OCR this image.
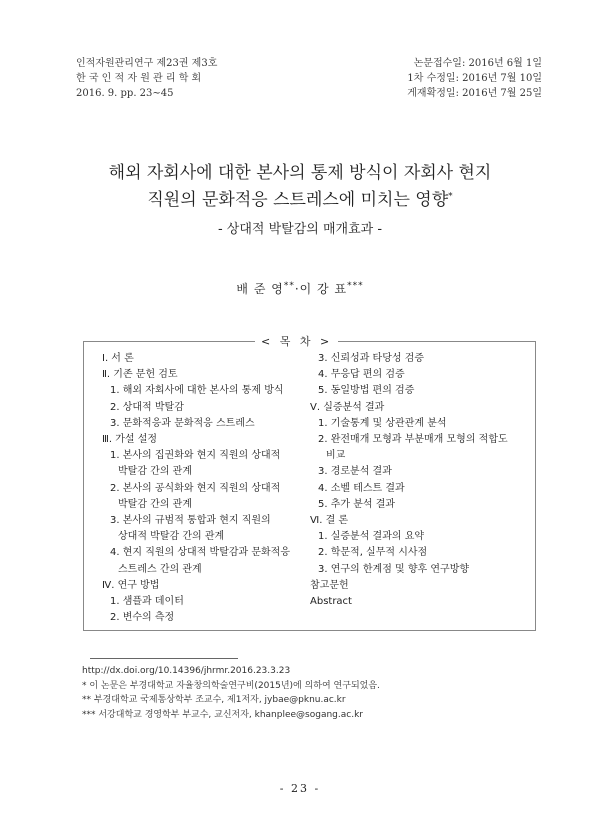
인적자원관리연구 제23권 제3호
한 국 인 적 자 원 관 리 학 회
2016. 9. pp. 23∼45
논문접수일: 2016년 6월 1일
1차 수정일: 2016년 7월 10일
게재확정일: 2016년 7월 25일
해외 자회사에 대한 본사의 통제 방식이 자회사 현지
직원의 문화적응 스트레스에 미치는 영향*
- 상대적 박탈감의 매개효과 -
배 준 영**·이 강 표***
< 목 차 >
Ⅰ. 서 론
Ⅱ. 기존 문헌 검토
1. 해외 자회사에 대한 본사의 통제 방식
2. 상대적 박탈감
3. 문화적응과 문화적응 스트레스
Ⅲ. 가설 설정
1. 본사의 집권화와 현지 직원의 상대적
박탈감 간의 관계
2. 본사의 공식화와 현지 직원의 상대적
박탈감 간의 관계
3. 본사의 규범적 통합과 현지 직원의
상대적 박탈감 간의 관계
4. 현지 직원의 상대적 박탈감과 문화적응
스트레스 간의 관계
Ⅳ. 연구 방법
1. 샘플과 데이터
2. 변수의 측정
3. 신뢰성과 타당성 검증
4. 무응답 편의 검증
5. 동일방법 편의 검증
Ⅴ. 실증분석 결과
1. 기술통계 및 상관관계 분석
2. 완전매개 모형과 부분매개 모형의 적합도
비교
3. 경로분석 결과
4. 소벨 테스트 결과
5. 추가 분석 결과
Ⅵ. 결 론
1. 실증분석 결과의 요약
2. 학문적, 실무적 시사점
3. 연구의 한계점 및 향후 연구방향
참고문헌
Abstract
http://dx.doi.org/10.14396/jhrmr.2016.23.3.23
* 이 논문은 부경대학교 자율창의학술연구비(2015년)에 의하여 연구되었음.
** 부경대학교 국제통상학부 조교수, 제1저자, jybae@pknu.ac.kr
*** 서강대학교 경영학부 부교수, 교신저자, khanplee@sogang.ac.kr
- 23 -
